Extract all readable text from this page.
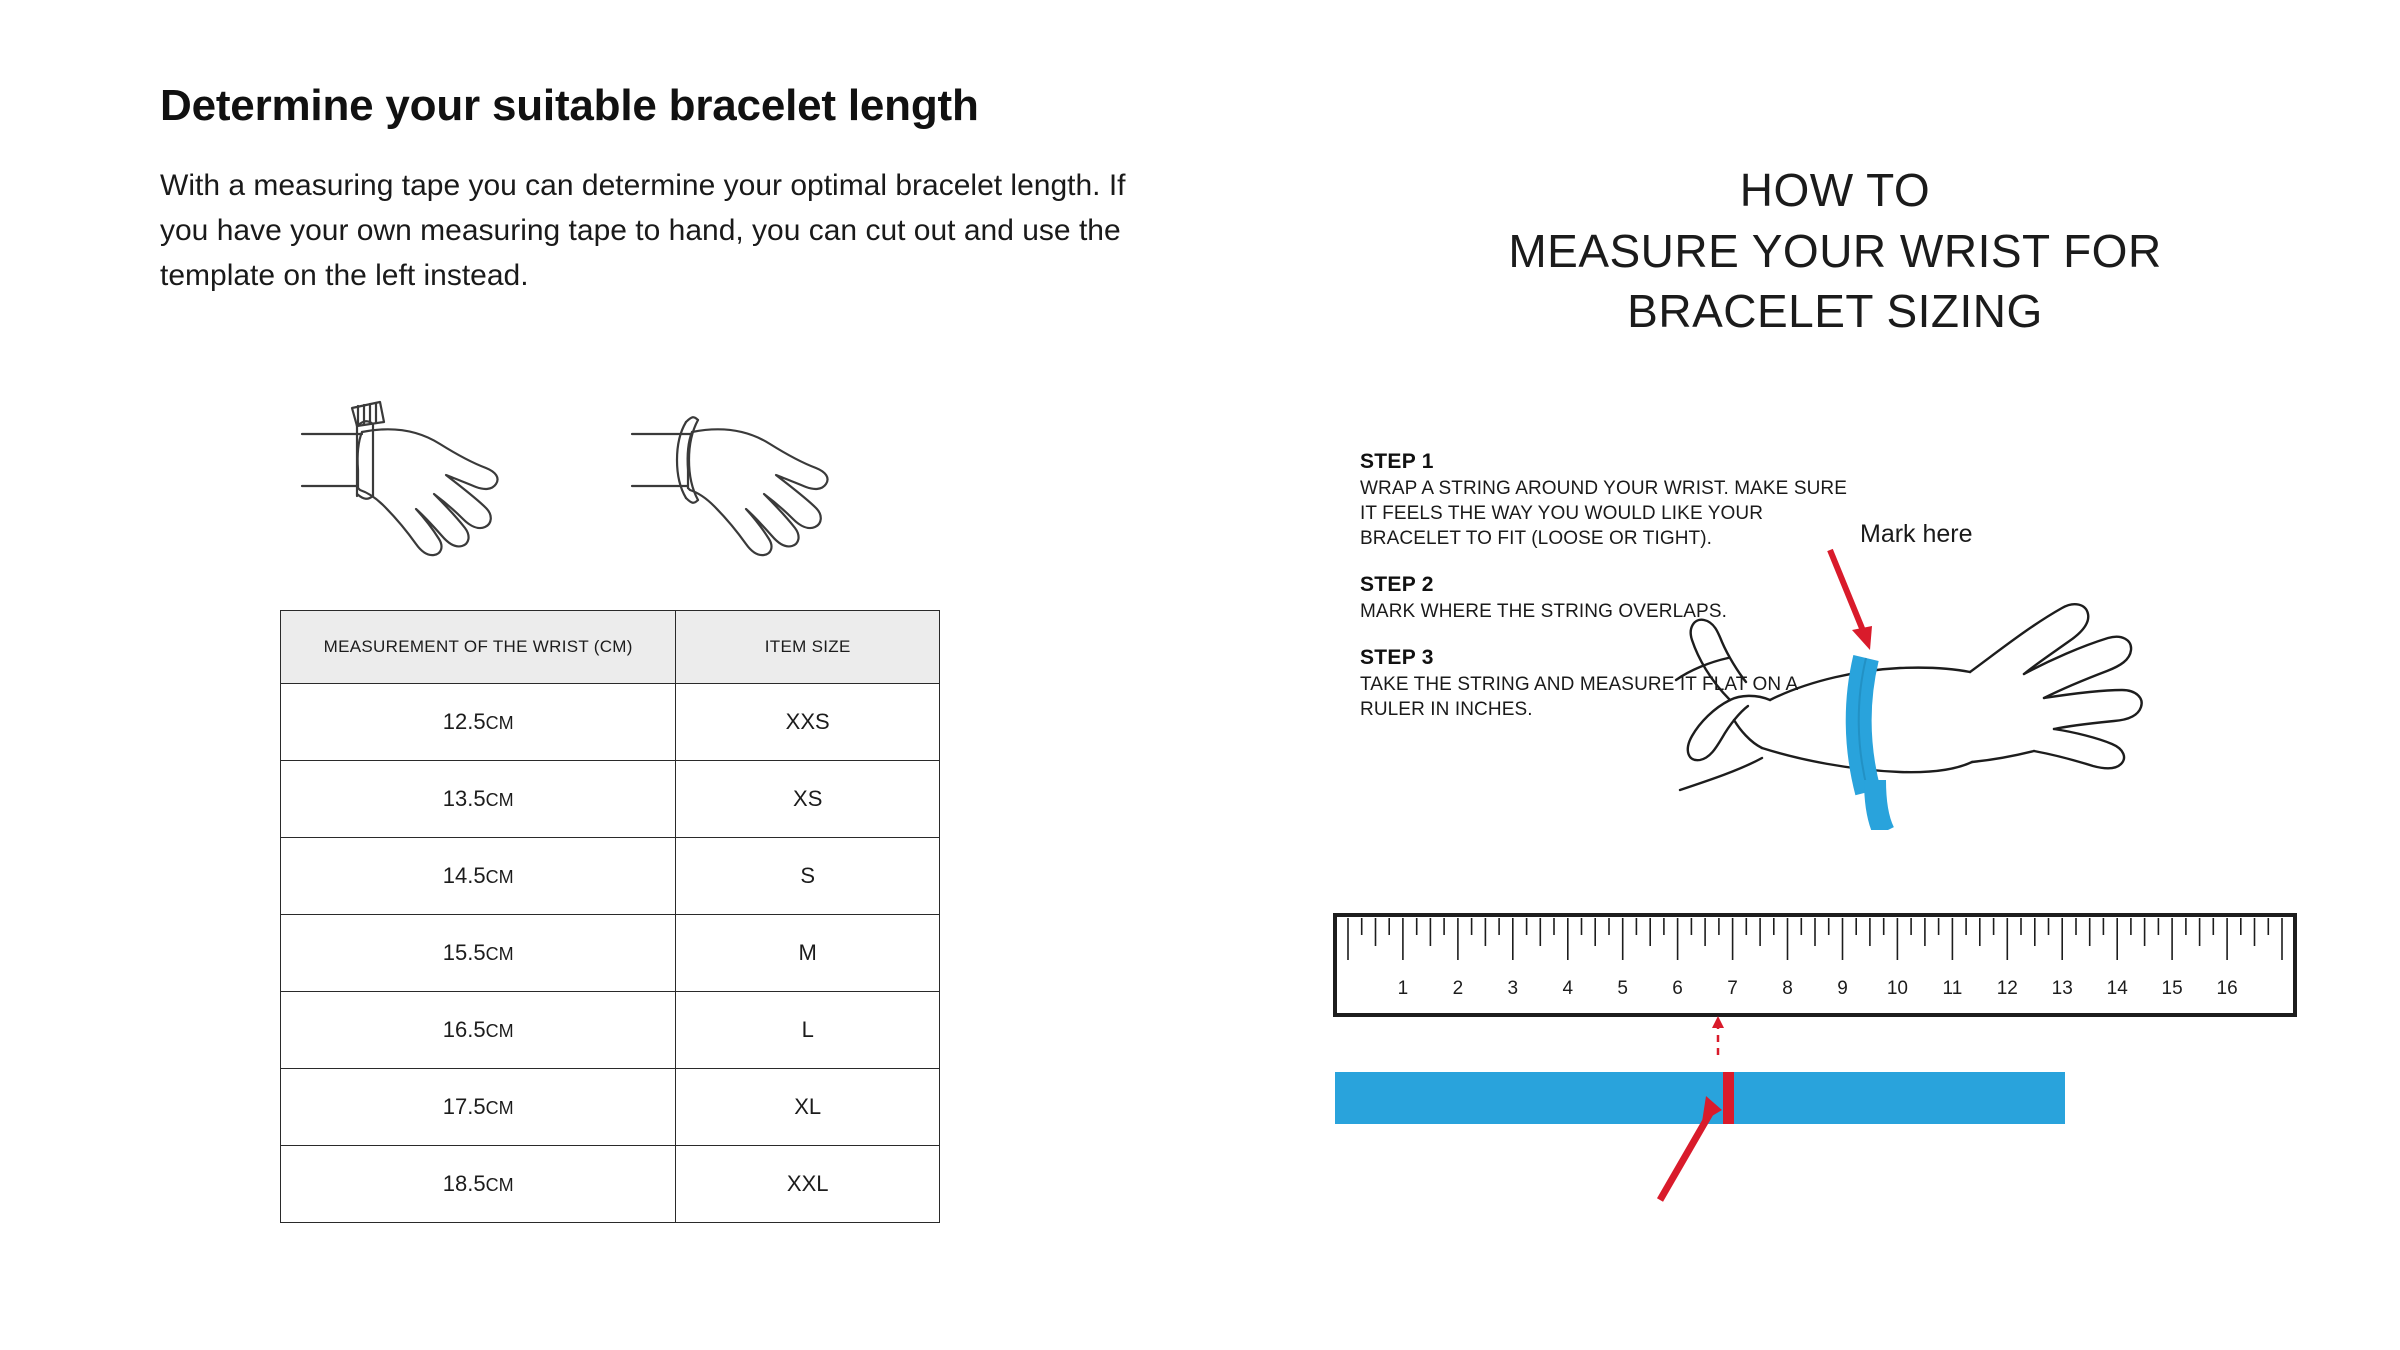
Determine your suitable bracelet length

With a measuring tape you can determine your optimal bracelet length. If you have your own measuring tape to hand, you can cut out and use the template on the left instead.

MEASUREMENT OF THE WRIST (CM)	ITEM SIZE
12.5CM	XXS
13.5CM	XS
14.5CM	S
15.5CM	M
16.5CM	L
17.5CM	XL
18.5CM	XXL
HOW TO
MEASURE YOUR WRIST FOR
BRACELET SIZING
STEP 1
WRAP A STRING AROUND YOUR WRIST. MAKE SURE IT FEELS THE WAY YOU WOULD LIKE YOUR BRACELET TO FIT (LOOSE OR TIGHT).
STEP 2
MARK WHERE THE STRING OVERLAPS.
STEP 3
TAKE THE STRING AND MEASURE IT FLAT ON A RULER IN INCHES.
Mark here
1 2 3 4 5 6 7 8 9 10 11 12 13 14 15 16
